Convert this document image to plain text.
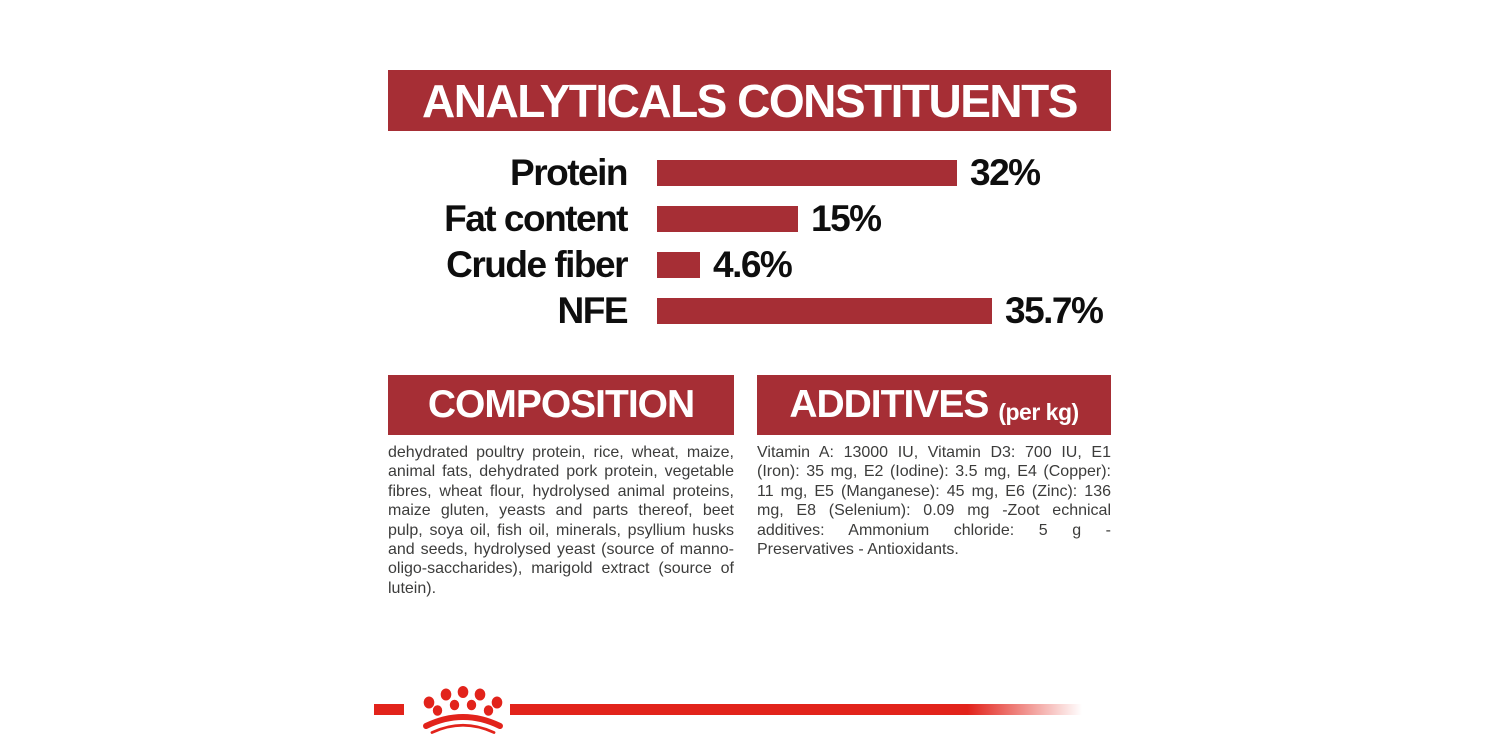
ANALYTICALS CONSTITUENTS
Protein	32%
Fat content	15%
Crude fiber 4.6%
NFE	35.7%
COMPOSITION
dehydrated poultry protein, rice, wheat, maize, animal fats, dehydrated pork protein, vegetable fibres, wheat flour, hydrolysed animal proteins, maize gluten, yeasts and parts thereof, beet pulp, soya oil, fish oil, minerals, psyllium husks and seeds, hydrolysed yeast (source of manno-oligo-saccharides), marigold extract (source of lutein).
ADDITIVES (per kg)
Vitamin A: 13000 IU, Vitamin D3: 700 IU, E1 (Iron): 35 mg, E2 (Iodine): 3.5 mg, E4 (Copper): 11 mg, E5 (Manganese): 45 mg, E6 (Zinc): 136 mg, E8 (Selenium): 0.09 mg -Zoot echnical additives: Ammonium chloride: 5 g - Preservatives - Antioxidants.
